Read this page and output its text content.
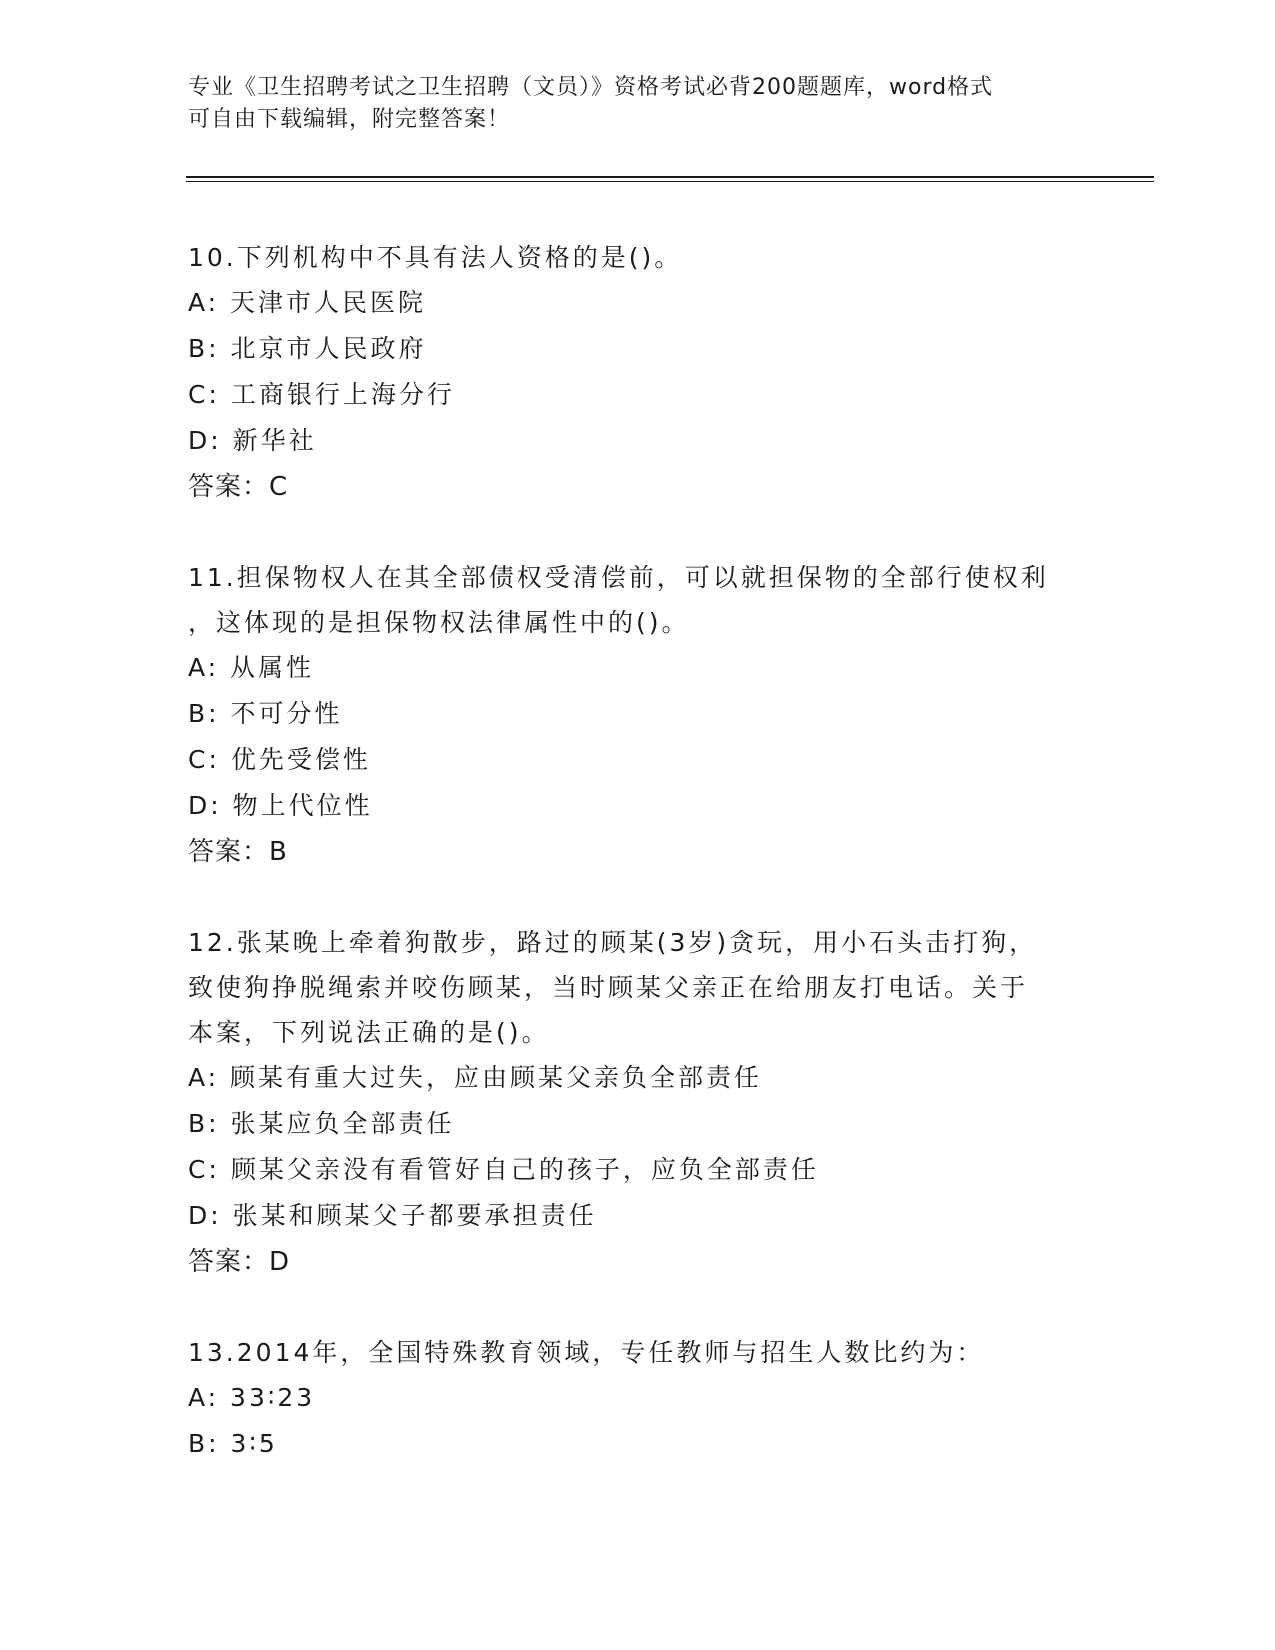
专业《卫生招聘考试之卫生招聘（文员）》资格考试必背200题题库，word格式
可自由下载编辑，附完整答案！
10.下列机构中不具有法人资格的是()。
A: 天津市人民医院
B: 北京市人民政府
C: 工商银行上海分行
D: 新华社
答案：C
11.担保物权人在其全部债权受清偿前，可以就担保物的全部行使权利
，这体现的是担保物权法律属性中的()。
A: 从属性
B: 不可分性
C: 优先受偿性
D: 物上代位性
答案：B
12.张某晚上牵着狗散步，路过的顾某(3岁)贪玩，用小石头击打狗，
致使狗挣脱绳索并咬伤顾某，当时顾某父亲正在给朋友打电话。关于
本案，下列说法正确的是()。
A: 顾某有重大过失，应由顾某父亲负全部责任
B: 张某应负全部责任
C: 顾某父亲没有看管好自己的孩子，应负全部责任
D: 张某和顾某父子都要承担责任
答案：D
13.2014年，全国特殊教育领域，专任教师与招生人数比约为：
A: 33∶23
B: 3∶5
